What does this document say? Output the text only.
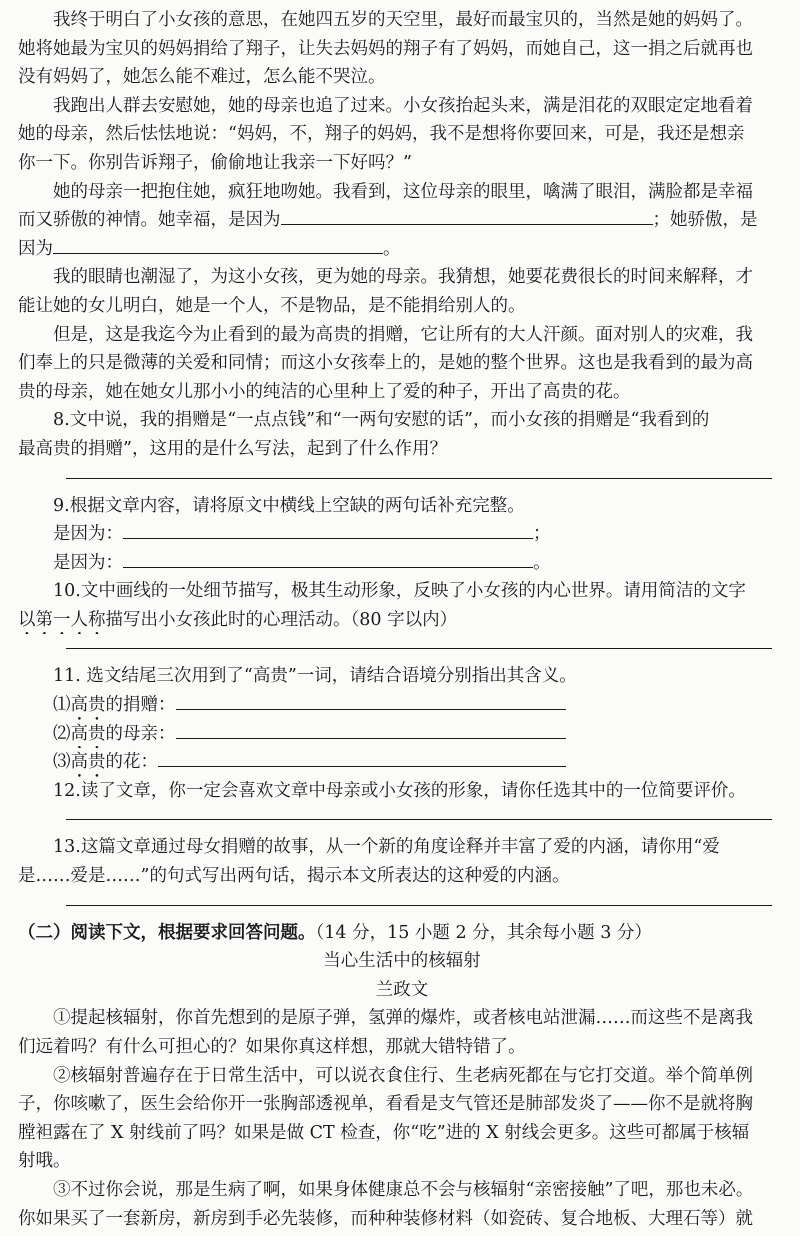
我终于明白了小女孩的意思，在她四五岁的天空里，最好而最宝贝的，当然是她的妈妈了。
她将她最为宝贝的妈妈捐给了翔子，让失去妈妈的翔子有了妈妈，而她自己，这一捐之后就再也
没有妈妈了，她怎么能不难过，怎么能不哭泣。
我跑出人群去安慰她，她的母亲也追了过来。小女孩抬起头来，满是泪花的双眼定定地看着
她的母亲，然后怯怯地说：“妈妈，不，翔子的妈妈，我不是想将你要回来，可是，我还是想亲
你一下。你别告诉翔子，偷偷地让我亲一下好吗？”
她的母亲一把抱住她，疯狂地吻她。我看到，这位母亲的眼里，噙满了眼泪，满脸都是幸福
而又骄傲的神情。她幸福，是因为	；她骄傲，是
因为	。
我的眼睛也潮湿了，为这小女孩，更为她的母亲。我猜想，她要花费很长的时间来解释，才
能让她的女儿明白，她是一个人，不是物品，是不能捐给别人的。
但是，这是我迄今为止看到的最为高贵的捐赠，它让所有的大人汗颜。面对别人的灾难，我
们奉上的只是微薄的关爱和同情；而这小女孩奉上的，是她的整个世界。这也是我看到的最为高
贵的母亲，她在她女儿那小小的纯洁的心里种上了爱的种子，开出了高贵的花。
8.文中说，我的捐赠是“一点点钱”和“一两句安慰的话”，而小女孩的捐赠是“我看到的
最高贵的捐赠”，这用的是什么写法，起到了什么作用？
9.根据文章内容，请将原文中横线上空缺的两句话补充完整。
是因为：	；
是因为：	。
10.文中画线的一处细节描写，极其生动形象，反映了小女孩的内心世界。请用简洁的文字
以第一人称描写出小女孩此时的心理活动。（80 字以内）
11. 选文结尾三次用到了“高贵”一词，请结合语境分别指出其含义。
⑴高贵的捐赠：
⑵高贵的母亲：
⑶高贵的花：
12.读了文章，你一定会喜欢文章中母亲或小女孩的形象，请你任选其中的一位简要评价。
13.这篇文章通过母女捐赠的故事，从一个新的角度诠释并丰富了爱的内涵，请你用“爱
是……爱是……”的句式写出两句话，揭示本文所表达的这种爱的内涵。
（二）阅读下文，根据要求回答问题。（14 分，15 小题 2 分，其余每小题 3 分）
当心生活中的核辐射
兰政文
①提起核辐射，你首先想到的是原子弹，氢弹的爆炸，或者核电站泄漏……而这些不是离我
们远着吗？有什么可担心的？如果你真这样想，那就大错特错了。
②核辐射普遍存在于日常生活中，可以说衣食住行、生老病死都在与它打交道。举个简单例
子，你咳嗽了，医生会给你开一张胸部透视单，看看是支气管还是肺部发炎了——你不是就将胸
膛袒露在了 X 射线前了吗？如果是做 CT 检查，你“吃”进的 X 射线会更多。这些可都属于核辐
射哦。
③不过你会说，那是生病了啊，如果身体健康总不会与核辐射“亲密接触”了吧，那也未必。
你如果买了一套新房，新房到手必先装修，而种种装修材料（如瓷砖、复合地板、大理石等）就
